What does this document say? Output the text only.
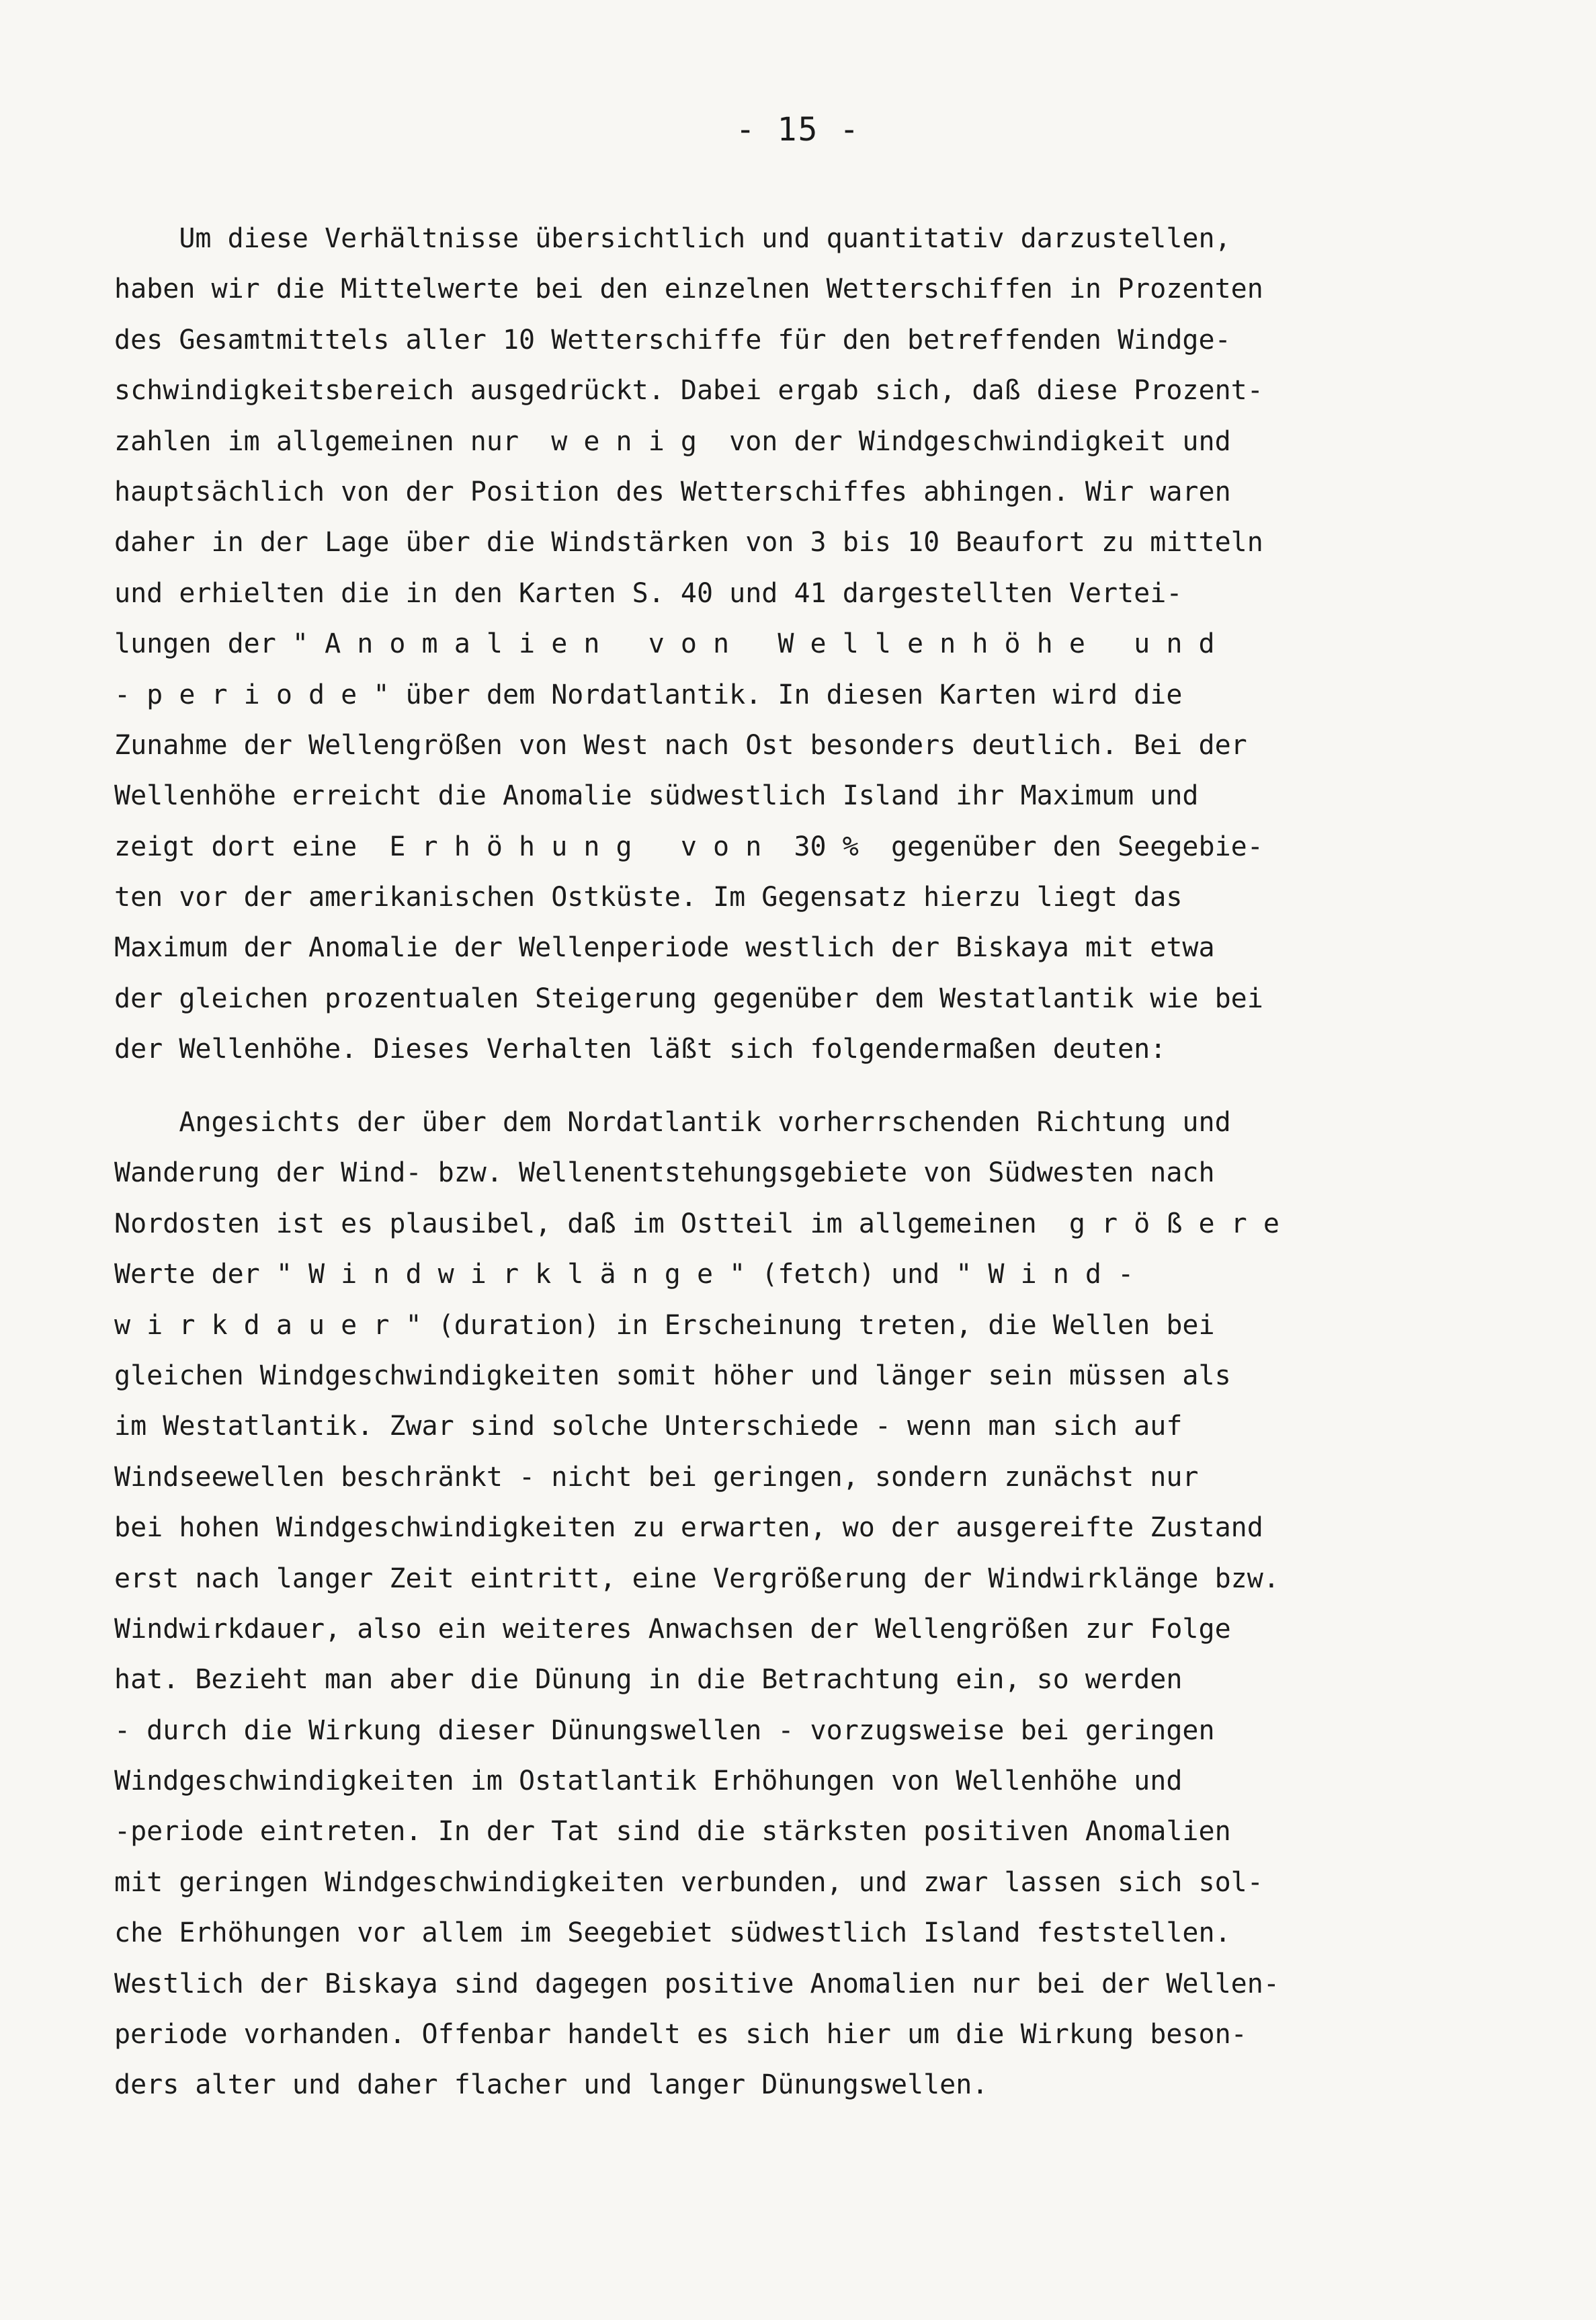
- 15 -
Um diese Verhältnisse übersichtlich und quantitativ darzustellen,
haben wir die Mittelwerte bei den einzelnen Wetterschiffen in Prozenten
des Gesamtmittels aller 10 Wetterschiffe für den betreffenden Windge-
schwindigkeitsbereich ausgedrückt. Dabei ergab sich, daß diese Prozent-
zahlen im allgemeinen nur  w e n i g  von der Windgeschwindigkeit und
hauptsächlich von der Position des Wetterschiffes abhingen. Wir waren
daher in der Lage über die Windstärken von 3 bis 10 Beaufort zu mitteln
und erhielten die in den Karten S. 40 und 41 dargestellten Vertei-
lungen der " A n o m a l i e n   v o n   W e l l e n h ö h e   u n d
- p e r i o d e " über dem Nordatlantik. In diesen Karten wird die
Zunahme der Wellengrößen von West nach Ost besonders deutlich. Bei der
Wellenhöhe erreicht die Anomalie südwestlich Island ihr Maximum und
zeigt dort eine  E r h ö h u n g   v o n  30 %  gegenüber den Seegebie-
ten vor der amerikanischen Ostküste. Im Gegensatz hierzu liegt das
Maximum der Anomalie der Wellenperiode westlich der Biskaya mit etwa
der gleichen prozentualen Steigerung gegenüber dem Westatlantik wie bei
der Wellenhöhe. Dieses Verhalten läßt sich folgendermaßen deuten:
Angesichts der über dem Nordatlantik vorherrschenden Richtung und
Wanderung der Wind- bzw. Wellenentstehungsgebiete von Südwesten nach
Nordosten ist es plausibel, daß im Ostteil im allgemeinen  g r ö ß e r e
Werte der " W i n d w i r k l ä n g e " (fetch) und " W i n d -
w i r k d a u e r " (duration) in Erscheinung treten, die Wellen bei
gleichen Windgeschwindigkeiten somit höher und länger sein müssen als
im Westatlantik. Zwar sind solche Unterschiede - wenn man sich auf
Windseewellen beschränkt - nicht bei geringen, sondern zunächst nur
bei hohen Windgeschwindigkeiten zu erwarten, wo der ausgereifte Zustand
erst nach langer Zeit eintritt, eine Vergrößerung der Windwirklänge bzw.
Windwirkdauer, also ein weiteres Anwachsen der Wellengrößen zur Folge
hat. Bezieht man aber die Dünung in die Betrachtung ein, so werden
- durch die Wirkung dieser Dünungswellen - vorzugsweise bei geringen
Windgeschwindigkeiten im Ostatlantik Erhöhungen von Wellenhöhe und
-periode eintreten. In der Tat sind die stärksten positiven Anomalien
mit geringen Windgeschwindigkeiten verbunden, und zwar lassen sich sol-
che Erhöhungen vor allem im Seegebiet südwestlich Island feststellen.
Westlich der Biskaya sind dagegen positive Anomalien nur bei der Wellen-
periode vorhanden. Offenbar handelt es sich hier um die Wirkung beson-
ders alter und daher flacher und langer Dünungswellen.
